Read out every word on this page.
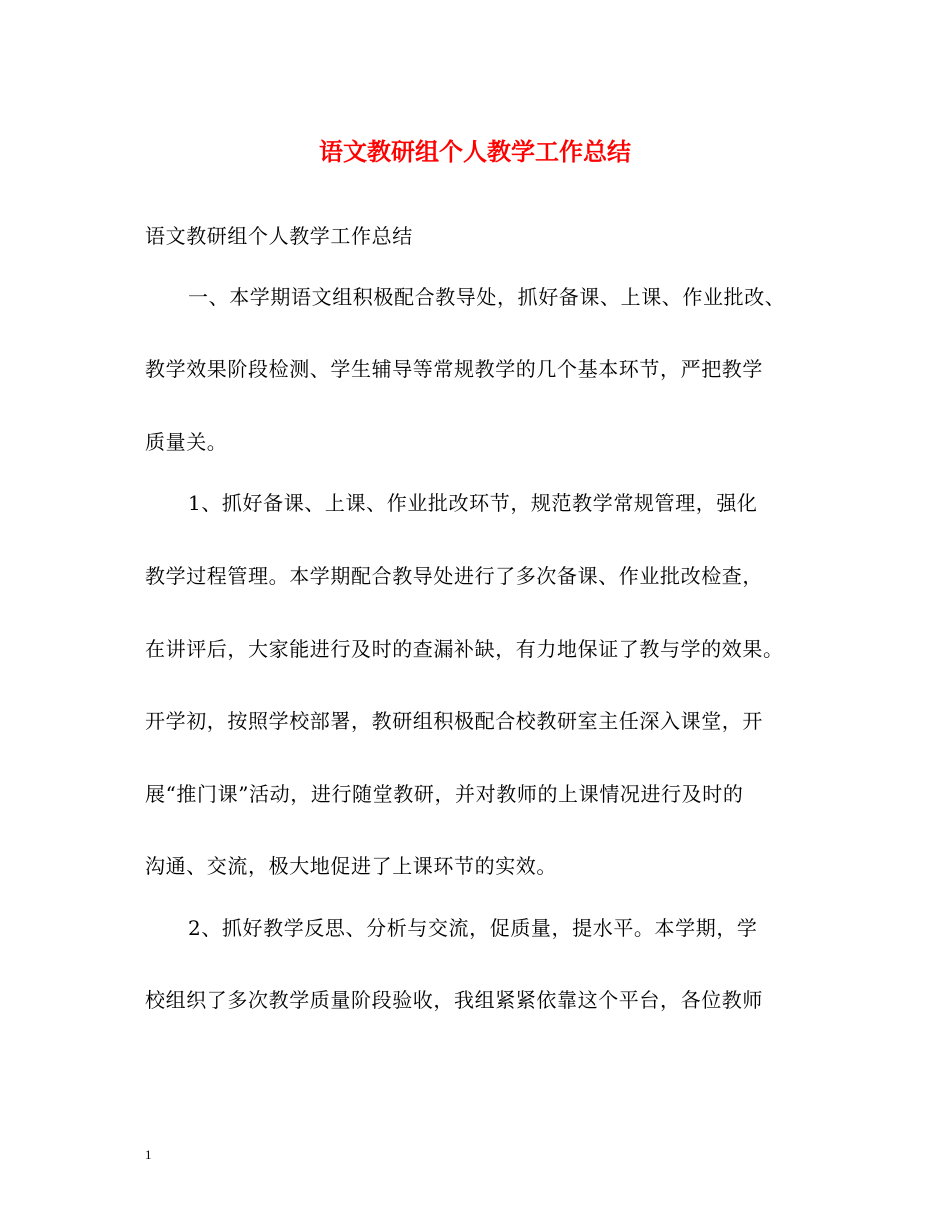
语文教研组个人教学工作总结
语文教研组个人教学工作总结
一、本学期语文组积极配合教导处，抓好备课、上课、作业批改、
教学效果阶段检测、学生辅导等常规教学的几个基本环节，严把教学
质量关。
1、抓好备课、上课、作业批改环节，规范教学常规管理，强化
教学过程管理。本学期配合教导处进行了多次备课、作业批改检查，
在讲评后，大家能进行及时的查漏补缺，有力地保证了教与学的效果。
开学初，按照学校部署，教研组积极配合校教研室主任深入课堂，开
展“推门课”活动，进行随堂教研，并对教师的上课情况进行及时的
沟通、交流，极大地促进了上课环节的实效。
2、抓好教学反思、分析与交流，促质量，提水平。本学期，学
校组织了多次教学质量阶段验收，我组紧紧依靠这个平台，各位教师
1
